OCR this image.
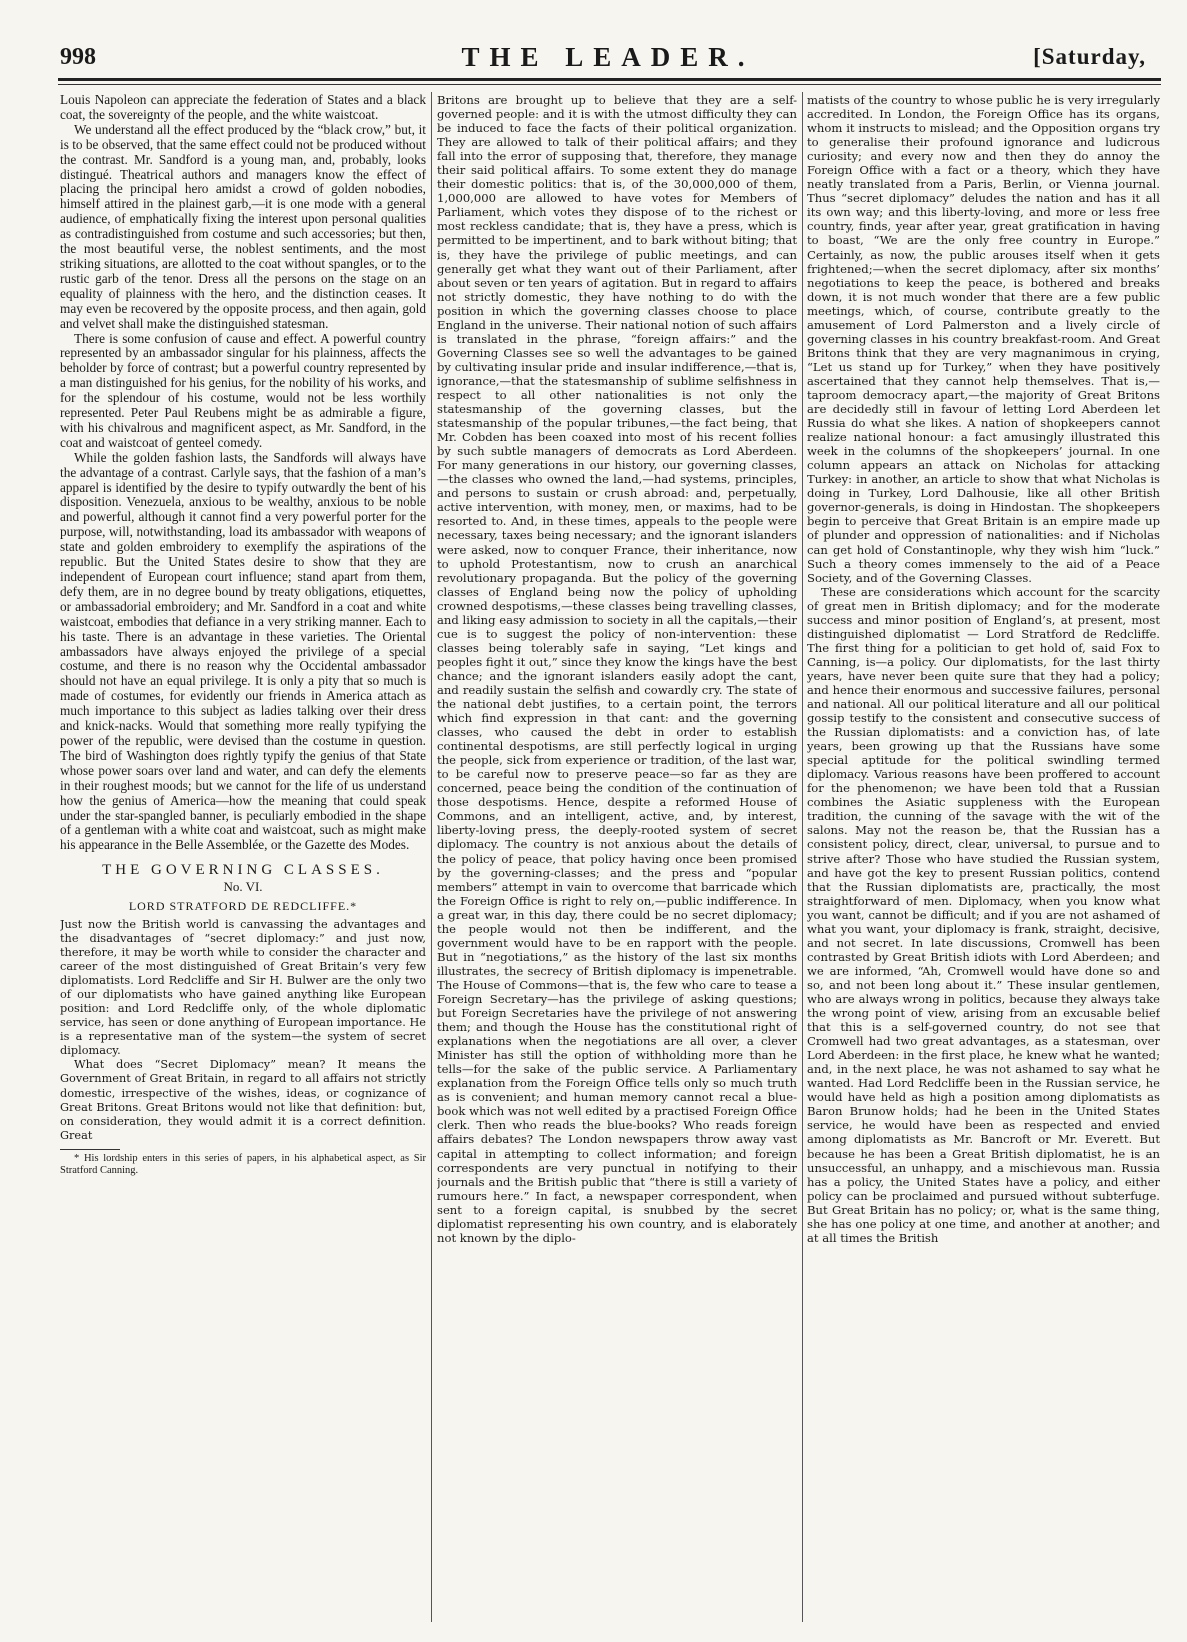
998	THE LEADER.	[Saturday,

Louis Napoleon can appreciate the federation of States and a black coat, the sovereignty of the people, and the white waistcoat.

We understand all the effect produced by the “black crow,” but, it is to be observed, that the same effect could not be produced without the contrast. Mr. Sandford is a young man, and, probably, looks distingué. Theatrical authors and managers know the effect of placing the principal hero amidst a crowd of golden nobodies, himself attired in the plainest garb,—it is one mode with a general audience, of emphatically fixing the interest upon personal qualities as contradistinguished from costume and such accessories; but then, the most beautiful verse, the noblest sentiments, and the most striking situations, are allotted to the coat without spangles, or to the rustic garb of the tenor. Dress all the persons on the stage on an equality of plainness with the hero, and the distinction ceases. It may even be recovered by the opposite process, and then again, gold and velvet shall make the distinguished statesman.

There is some confusion of cause and effect. A powerful country represented by an ambassador singular for his plainness, affects the beholder by force of contrast; but a powerful country represented by a man distinguished for his genius, for the nobility of his works, and for the splendour of his costume, would not be less worthily represented. Peter Paul Reubens might be as admirable a figure, with his chivalrous and magnificent aspect, as Mr. Sandford, in the coat and waistcoat of genteel comedy.

While the golden fashion lasts, the Sandfords will always have the advantage of a contrast. Carlyle says, that the fashion of a man’s apparel is identified by the desire to typify outwardly the bent of his disposition. Venezuela, anxious to be wealthy, anxious to be noble and powerful, although it cannot find a very powerful porter for the purpose, will, notwithstanding, load its ambassador with weapons of state and golden embroidery to exemplify the aspirations of the republic. But the United States desire to show that they are independent of European court influence; stand apart from them, defy them, are in no degree bound by treaty obligations, etiquettes, or ambassadorial embroidery; and Mr. Sandford in a coat and white waistcoat, embodies that defiance in a very striking manner. Each to his taste. There is an advantage in these varieties. The Oriental ambassadors have always enjoyed the privilege of a special costume, and there is no reason why the Occidental ambassador should not have an equal privilege. It is only a pity that so much is made of costumes, for evidently our friends in America attach as much importance to this subject as ladies talking over their dress and knick-nacks. Would that something more really typifying the power of the republic, were devised than the costume in question. The bird of Washington does rightly typify the genius of that State whose power soars over land and water, and can defy the elements in their roughest moods; but we cannot for the life of us understand how the genius of America—how the meaning that could speak under the star-spangled banner, is peculiarly embodied in the shape of a gentleman with a white coat and waistcoat, such as might make his appearance in the Belle Assemblée, or the Gazette des Modes.

THE GOVERNING CLASSES.
No. VI.
LORD STRATFORD DE REDCLIFFE.*

Just now the British world is canvassing the advantages and the disadvantages of “secret diplomacy:” and just now, therefore, it may be worth while to consider the character and career of the most distinguished of Great Britain’s very few diplomatists. Lord Redcliffe and Sir H. Bulwer are the only two of our diplomatists who have gained anything like European position: and Lord Redcliffe only, of the whole diplomatic service, has seen or done anything of European importance. He is a representative man of the system—the system of secret diplomacy.

What does “Secret Diplomacy” mean? It means the Government of Great Britain, in regard to all affairs not strictly domestic, irrespective of the wishes, ideas, or cognizance of Great Britons. Great Britons would not like that definition: but, on consideration, they would admit it is a correct definition. Great

* His lordship enters in this series of papers, in his alphabetical aspect, as Sir Stratford Canning.

Britons are brought up to believe that they are a self-governed people: and it is with the utmost difficulty they can be induced to face the facts of their political organization. They are allowed to talk of their political affairs; and they fall into the error of supposing that, therefore, they manage their said political affairs. To some extent they do manage their domestic politics: that is, of the 30,000,000 of them, 1,000,000 are allowed to have votes for Members of Parliament, which votes they dispose of to the richest or most reckless candidate; that is, they have a press, which is permitted to be impertinent, and to bark without biting; that is, they have the privilege of public meetings, and can generally get what they want out of their Parliament, after about seven or ten years of agitation. But in regard to affairs not strictly domestic, they have nothing to do with the position in which the governing classes choose to place England in the universe. Their national notion of such affairs is translated in the phrase, “foreign affairs:” and the Governing Classes see so well the advantages to be gained by cultivating insular pride and insular indifference,—that is, ignorance,—that the statesmanship of sublime selfishness in respect to all other nationalities is not only the statesmanship of the governing classes, but the statesmanship of the popular tribunes,—the fact being, that Mr. Cobden has been coaxed into most of his recent follies by such subtle managers of democrats as Lord Aberdeen. For many generations in our history, our governing classes,—the classes who owned the land,—had systems, principles, and persons to sustain or crush abroad: and, perpetually, active intervention, with money, men, or maxims, had to be resorted to. And, in these times, appeals to the people were necessary, taxes being necessary; and the ignorant islanders were asked, now to conquer France, their inheritance, now to uphold Protestantism, now to crush an anarchical revolutionary propaganda. But the policy of the governing classes of England being now the policy of upholding crowned despotisms,—these classes being travelling classes, and liking easy admission to society in all the capitals,—their cue is to suggest the policy of non-intervention: these classes being tolerably safe in saying, “Let kings and peoples fight it out,” since they know the kings have the best chance; and the ignorant islanders easily adopt the cant, and readily sustain the selfish and cowardly cry. The state of the national debt justifies, to a certain point, the terrors which find expression in that cant: and the governing classes, who caused the debt in order to establish continental despotisms, are still perfectly logical in urging the people, sick from experience or tradition, of the last war, to be careful now to preserve peace—so far as they are concerned, peace being the condition of the continuation of those despotisms. Hence, despite a reformed House of Commons, and an intelligent, active, and, by interest, liberty-loving press, the deeply-rooted system of secret diplomacy. The country is not anxious about the details of the policy of peace, that policy having once been promised by the governing-classes; and the press and “popular members” attempt in vain to overcome that barricade which the Foreign Office is right to rely on,—public indifference. In a great war, in this day, there could be no secret diplomacy; the people would not then be indifferent, and the government would have to be en rapport with the people. But in “negotiations,” as the history of the last six months illustrates, the secrecy of British diplomacy is impenetrable. The House of Commons—that is, the few who care to tease a Foreign Secretary—has the privilege of asking questions; but Foreign Secretaries have the privilege of not answering them; and though the House has the constitutional right of explanations when the negotiations are all over, a clever Minister has still the option of withholding more than he tells—for the sake of the public service. A Parliamentary explanation from the Foreign Office tells only so much truth as is convenient; and human memory cannot recal a blue-book which was not well edited by a practised Foreign Office clerk. Then who reads the blue-books? Who reads foreign affairs debates? The London newspapers throw away vast capital in attempting to collect information; and foreign correspondents are very punctual in notifying to their journals and the British public that “there is still a variety of rumours here.” In fact, a newspaper correspondent, when sent to a foreign capital, is snubbed by the secret diplomatist representing his own country, and is elaborately not known by the diplo-

matists of the country to whose public he is very irregularly accredited. In London, the Foreign Office has its organs, whom it instructs to mislead; and the Opposition organs try to generalise their profound ignorance and ludicrous curiosity; and every now and then they do annoy the Foreign Office with a fact or a theory, which they have neatly translated from a Paris, Berlin, or Vienna journal. Thus “secret diplomacy” deludes the nation and has it all its own way; and this liberty-loving, and more or less free country, finds, year after year, great gratification in having to boast, “We are the only free country in Europe.” Certainly, as now, the public arouses itself when it gets frightened;—when the secret diplomacy, after six months’ negotiations to keep the peace, is bothered and breaks down, it is not much wonder that there are a few public meetings, which, of course, contribute greatly to the amusement of Lord Palmerston and a lively circle of governing classes in his country breakfast-room. And Great Britons think that they are very magnanimous in crying, “Let us stand up for Turkey,” when they have positively ascertained that they cannot help themselves. That is,—taproom democracy apart,—the majority of Great Britons are decidedly still in favour of letting Lord Aberdeen let Russia do what she likes. A nation of shopkeepers cannot realize national honour: a fact amusingly illustrated this week in the columns of the shopkeepers’ journal. In one column appears an attack on Nicholas for attacking Turkey: in another, an article to show that what Nicholas is doing in Turkey, Lord Dalhousie, like all other British governor-generals, is doing in Hindostan. The shopkeepers begin to perceive that Great Britain is an empire made up of plunder and oppression of nationalities: and if Nicholas can get hold of Constantinople, why they wish him “luck.” Such a theory comes immensely to the aid of a Peace Society, and of the Governing Classes.

These are considerations which account for the scarcity of great men in British diplomacy; and for the moderate success and minor position of England’s, at present, most distinguished diplomatist — Lord Stratford de Redcliffe. The first thing for a politician to get hold of, said Fox to Canning, is—a policy. Our diplomatists, for the last thirty years, have never been quite sure that they had a policy; and hence their enormous and successive failures, personal and national. All our political literature and all our political gossip testify to the consistent and consecutive success of the Russian diplomatists: and a conviction has, of late years, been growing up that the Russians have some special aptitude for the political swindling termed diplomacy. Various reasons have been proffered to account for the phenomenon; we have been told that a Russian combines the Asiatic suppleness with the European tradition, the cunning of the savage with the wit of the salons. May not the reason be, that the Russian has a consistent policy, direct, clear, universal, to pursue and to strive after? Those who have studied the Russian system, and have got the key to present Russian politics, contend that the Russian diplomatists are, practically, the most straightforward of men. Diplomacy, when you know what you want, cannot be difficult; and if you are not ashamed of what you want, your diplomacy is frank, straight, decisive, and not secret. In late discussions, Cromwell has been contrasted by Great British idiots with Lord Aberdeen; and we are informed, “Ah, Cromwell would have done so and so, and not been long about it.” These insular gentlemen, who are always wrong in politics, because they always take the wrong point of view, arising from an excusable belief that this is a self-governed country, do not see that Cromwell had two great advantages, as a statesman, over Lord Aberdeen: in the first place, he knew what he wanted; and, in the next place, he was not ashamed to say what he wanted. Had Lord Redcliffe been in the Russian service, he would have held as high a position among diplomatists as Baron Brunow holds; had he been in the United States service, he would have been as respected and envied among diplomatists as Mr. Bancroft or Mr. Everett. But because he has been a Great British diplomatist, he is an unsuccessful, an unhappy, and a mischievous man. Russia has a policy, the United States have a policy, and either policy can be proclaimed and pursued without subterfuge. But Great Britain has no policy; or, what is the same thing, she has one policy at one time, and another at another; and at all times the British
